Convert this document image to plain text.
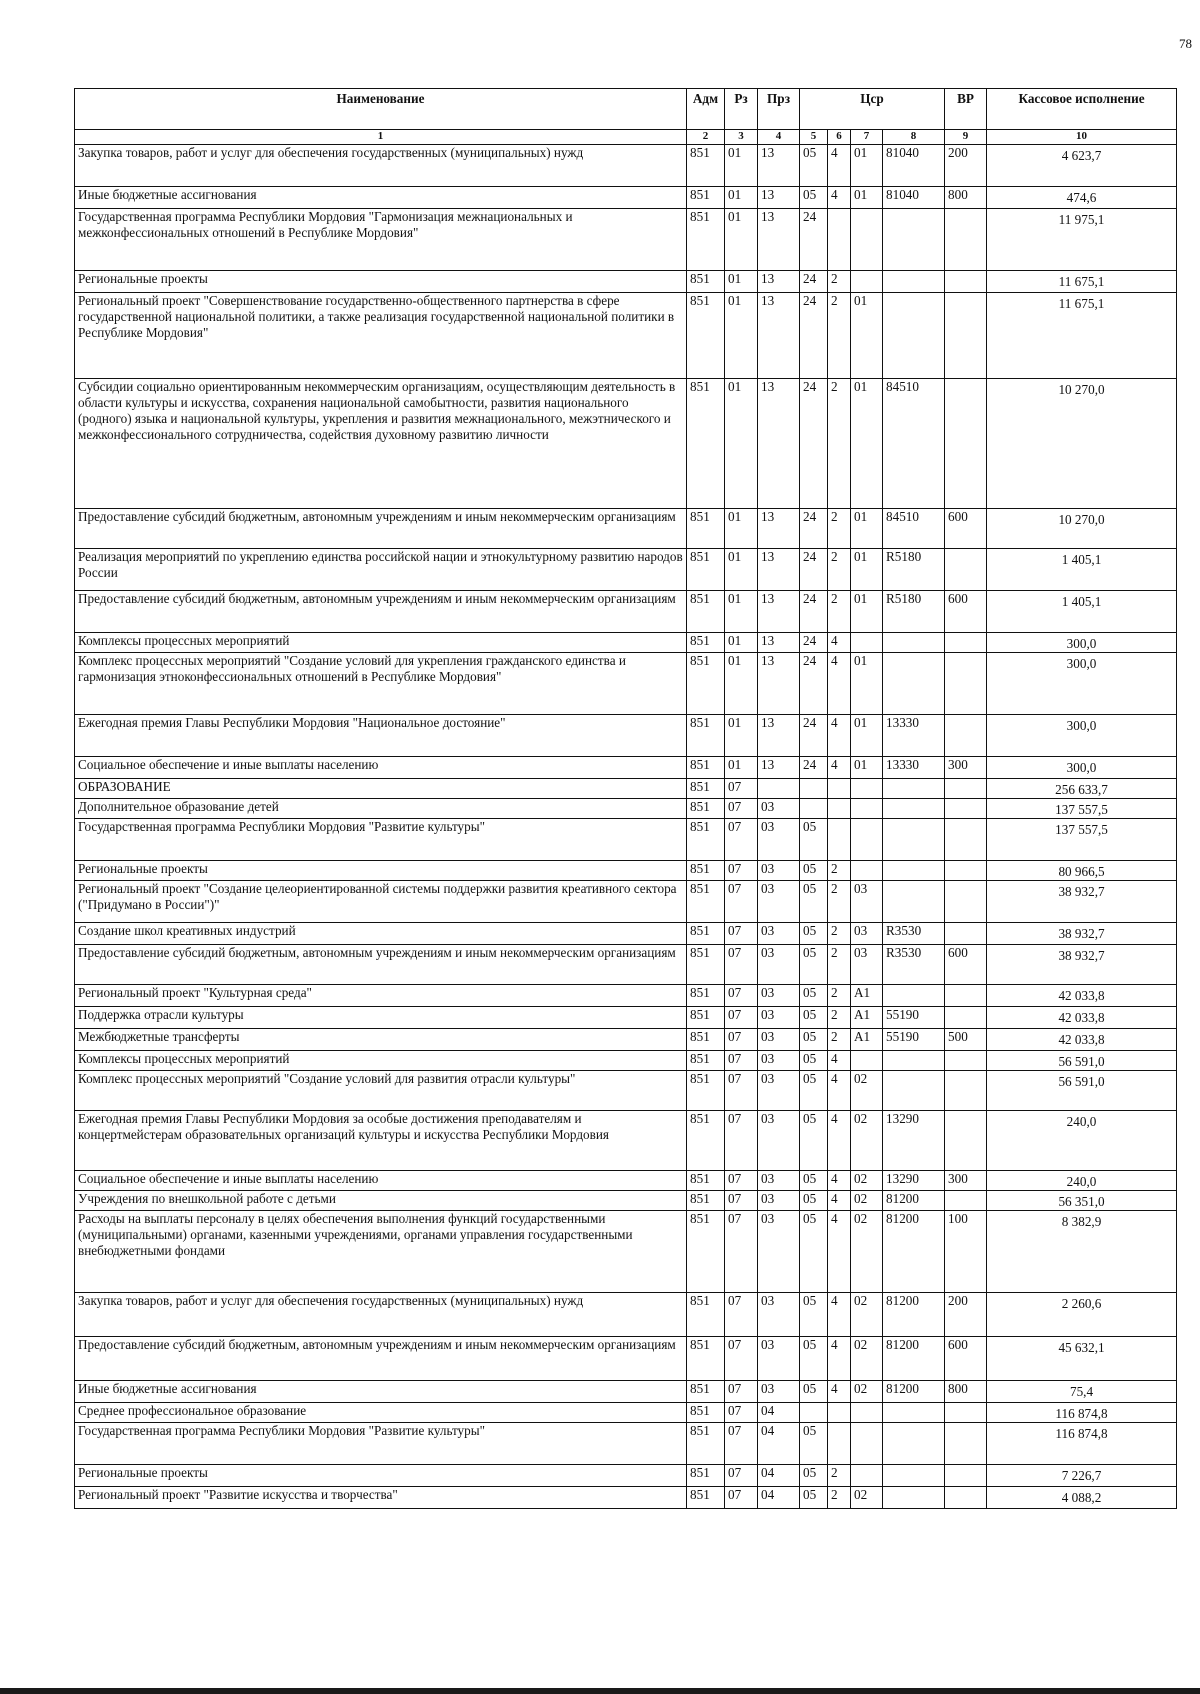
78
Наименование	Адм	Рз	Прз	Цср				ВР	Кассовое исполнение
1	2	3	4	5	6	7	8	9	10
Закупка товаров, работ и услуг для обеспечения государственных (муниципальных) нужд	851	01	13	05	4	01	81040	200	4 623,7
Иные бюджетные ассигнования	851	01	13	05	4	01	81040	800	474,6
Государственная программа Республики Мордовия "Гармонизация межнациональных и межконфессиональных отношений в Республике Мордовия"	851	01	13	24					11 975,1
Региональные проекты	851	01	13	24	2				11 675,1
Региональный проект "Совершенствование государственно-общественного партнерства в сфере государственной национальной политики, а также реализация государственной национальной политики в Республике Мордовия"	851	01	13	24	2	01			11 675,1
Субсидии социально ориентированным некоммерческим организациям, осуществляющим деятельность в области культуры и искусства, сохранения национальной самобытности, развития национального (родного) языка и национальной культуры, укрепления и развития межнационального, межэтнического и межконфессионального сотрудничества, содействия духовному развитию личности	851	01	13	24	2	01	84510		10 270,0
Предоставление субсидий бюджетным, автономным учреждениям и иным некоммерческим организациям	851	01	13	24	2	01	84510	600	10 270,0
Реализация мероприятий по укреплению единства российской нации и этнокультурному развитию народов России	851	01	13	24	2	01	R5180		1 405,1
Предоставление субсидий бюджетным, автономным учреждениям и иным некоммерческим организациям	851	01	13	24	2	01	R5180	600	1 405,1
Комплексы процессных мероприятий	851	01	13	24	4				300,0
Комплекс процессных мероприятий "Создание условий для укрепления гражданского единства и гармонизация этноконфессиональных отношений в Республике Мордовия"	851	01	13	24	4	01			300,0
Ежегодная премия Главы Республики Мордовия "Национальное достояние"	851	01	13	24	4	01	13330		300,0
Социальное обеспечение и иные выплаты населению	851	01	13	24	4	01	13330	300	300,0
ОБРАЗОВАНИЕ	851	07							256 633,7
Дополнительное образование детей	851	07	03						137 557,5
Государственная программа Республики Мордовия "Развитие культуры"	851	07	03	05					137 557,5
Региональные проекты	851	07	03	05	2				80 966,5
Региональный проект "Создание целеориентированной системы поддержки развития креативного сектора ("Придумано в России")"	851	07	03	05	2	03			38 932,7
Создание школ креативных индустрий	851	07	03	05	2	03	R3530		38 932,7
Предоставление субсидий бюджетным, автономным учреждениям и иным некоммерческим организациям	851	07	03	05	2	03	R3530	600	38 932,7
Региональный проект "Культурная среда"	851	07	03	05	2	A1			42 033,8
Поддержка отрасли культуры	851	07	03	05	2	A1	55190		42 033,8
Межбюджетные трансферты	851	07	03	05	2	A1	55190	500	42 033,8
Комплексы процессных мероприятий	851	07	03	05	4				56 591,0
Комплекс процессных мероприятий "Создание условий для развития отрасли культуры"	851	07	03	05	4	02			56 591,0
Ежегодная премия Главы Республики Мордовия за особые достижения преподавателям и концертмейстерам образовательных организаций культуры и искусства Республики Мордовия	851	07	03	05	4	02	13290		240,0
Социальное обеспечение и иные выплаты населению	851	07	03	05	4	02	13290	300	240,0
Учреждения по внешкольной работе с детьми	851	07	03	05	4	02	81200		56 351,0
Расходы на выплаты персоналу в целях обеспечения выполнения функций государственными (муниципальными) органами, казенными учреждениями, органами управления государственными внебюджетными фондами	851	07	03	05	4	02	81200	100	8 382,9
Закупка товаров, работ и услуг для обеспечения государственных (муниципальных) нужд	851	07	03	05	4	02	81200	200	2 260,6
Предоставление субсидий бюджетным, автономным учреждениям и иным некоммерческим организациям	851	07	03	05	4	02	81200	600	45 632,1
Иные бюджетные ассигнования	851	07	03	05	4	02	81200	800	75,4
Среднее профессиональное образование	851	07	04						116 874,8
Государственная программа Республики Мордовия "Развитие культуры"	851	07	04	05					116 874,8
Региональные проекты	851	07	04	05	2				7 226,7
Региональный проект "Развитие искусства и творчества"	851	07	04	05	2	02			4 088,2
